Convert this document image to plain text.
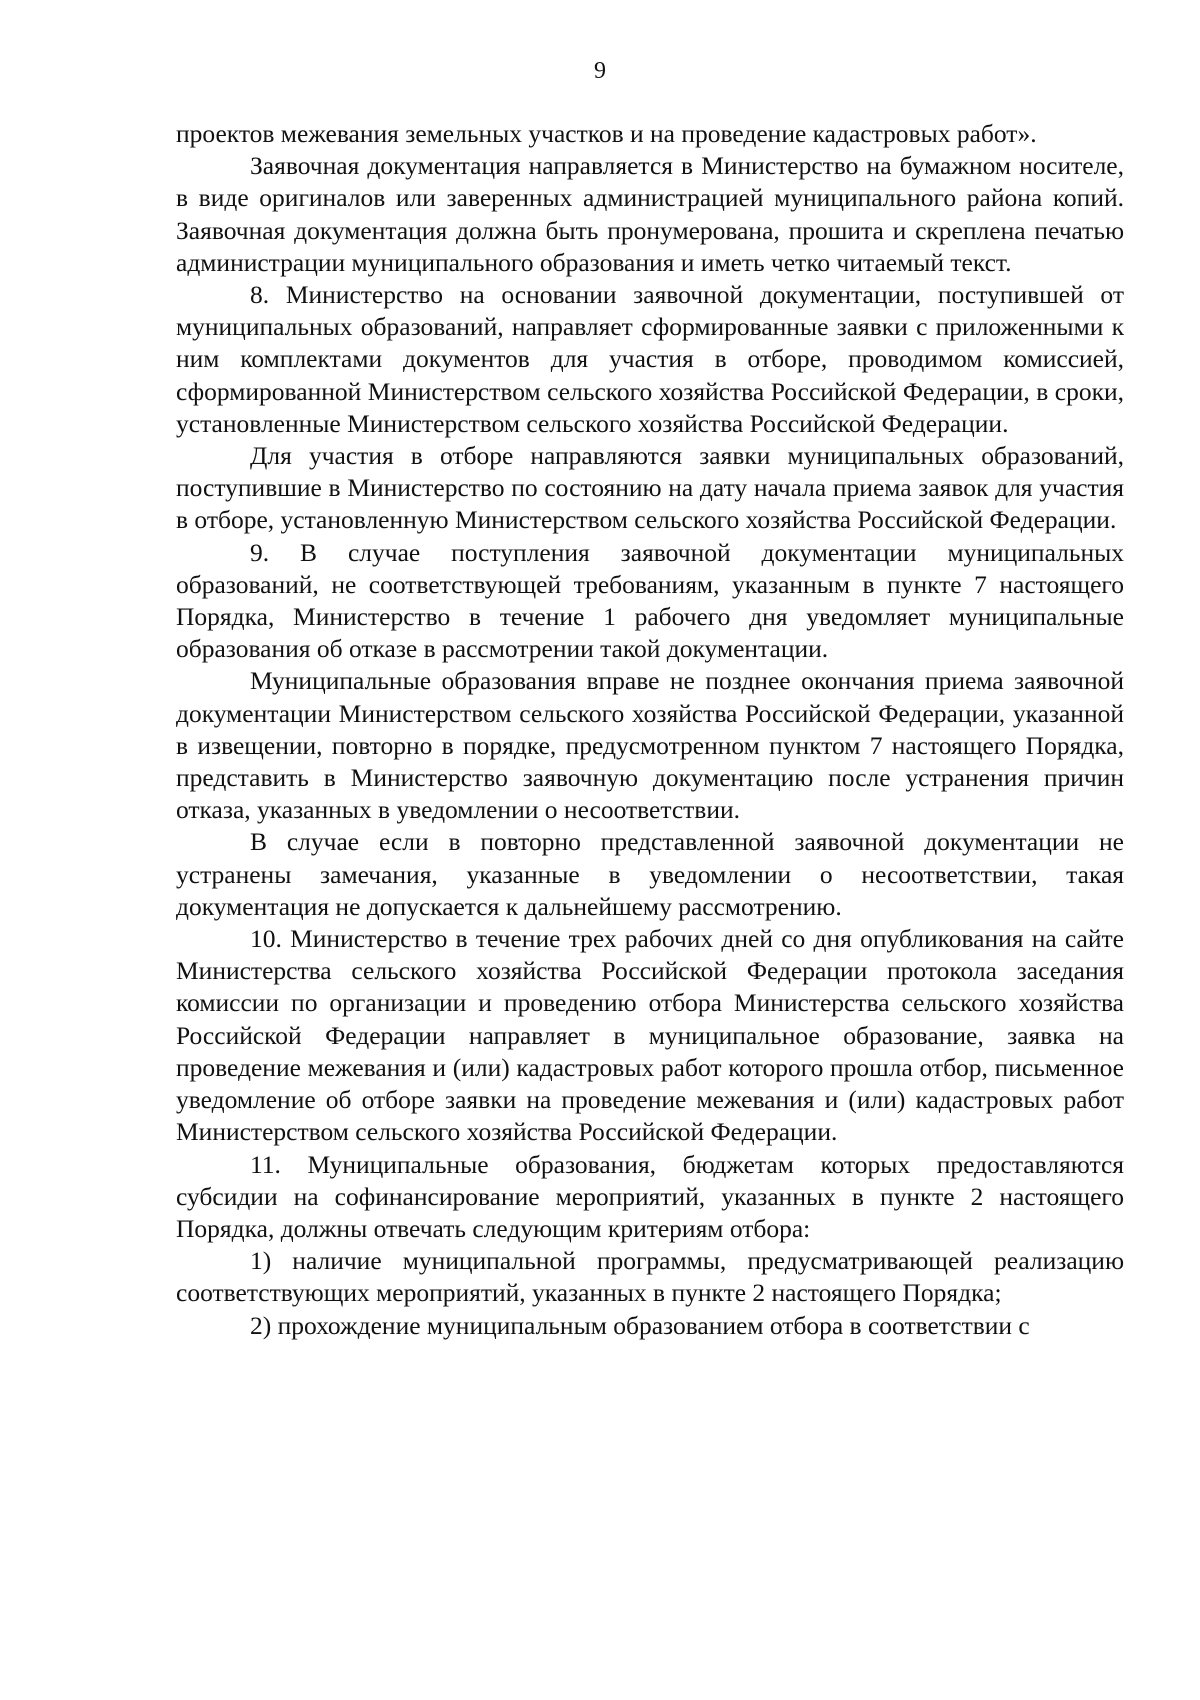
9

проектов межевания земельных участков и на проведение кадастровых работ».

Заявочная документация направляется в Министерство на бумажном носителе, в виде оригиналов или заверенных администрацией муниципального района копий. Заявочная документация должна быть пронумерована, прошита и скреплена печатью администрации муниципального образования и иметь четко читаемый текст.

8. Министерство на основании заявочной документации, поступившей от муниципальных образований, направляет сформированные заявки с приложенными к ним комплектами документов для участия в отборе, проводимом комиссией, сформированной Министерством сельского хозяйства Российской Федерации, в сроки, установленные Министерством сельского хозяйства Российской Федерации.

Для участия в отборе направляются заявки муниципальных образований, поступившие в Министерство по состоянию на дату начала приема заявок для участия в отборе, установленную Министерством сельского хозяйства Российской Федерации.

9. В случае поступления заявочной документации муниципальных образований, не соответствующей требованиям, указанным в пункте 7 настоящего Порядка, Министерство в течение 1 рабочего дня уведомляет муниципальные образования об отказе в рассмотрении такой документации.

Муниципальные образования вправе не позднее окончания приема заявочной документации Министерством сельского хозяйства Российской Федерации, указанной в извещении, повторно в порядке, предусмотренном пунктом 7 настоящего Порядка, представить в Министерство заявочную документацию после устранения причин отказа, указанных в уведомлении о несоответствии.

В случае если в повторно представленной заявочной документации не устранены замечания, указанные в уведомлении о несоответствии, такая документация не допускается к дальнейшему рассмотрению.

10. Министерство в течение трех рабочих дней со дня опубликования на сайте Министерства сельского хозяйства Российской Федерации протокола заседания комиссии по организации и проведению отбора Министерства сельского хозяйства Российской Федерации направляет в муниципальное образование, заявка на проведение межевания и (или) кадастровых работ которого прошла отбор, письменное уведомление об отборе заявки на проведение межевания и (или) кадастровых работ Министерством сельского хозяйства Российской Федерации.

11. Муниципальные образования, бюджетам которых предоставляются субсидии на софинансирование мероприятий, указанных в пункте 2 настоящего Порядка, должны отвечать следующим критериям отбора:

1) наличие муниципальной программы, предусматривающей реализацию соответствующих мероприятий, указанных в пункте 2 настоящего Порядка;

2) прохождение муниципальным образованием отбора в соответствии с
